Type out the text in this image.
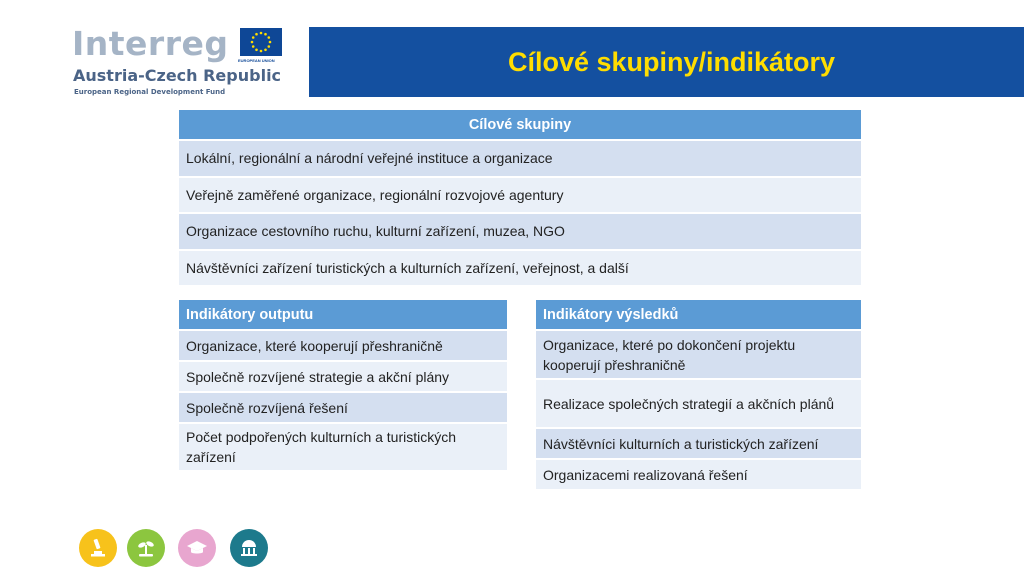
Interreg EUROPEAN UNION
Austria-Czech Republic
European Regional Development Fund
Cílové skupiny/indikátory
Cílové skupiny
Lokální, regionální a národní veřejné instituce a organizace
Veřejně zaměřené organizace, regionální rozvojové agentury
Organizace cestovního ruchu, kulturní zařízení, muzea, NGO
Návštěvníci zařízení turistických a kulturních zařízení, veřejnost, a další
Indikátory outputu
Organizace, které kooperují přeshraničně
Společně rozvíjené strategie a akční plány
Společně rozvíjená řešení
Počet podpořených kulturních a turistických zařízení
Indikátory výsledků
Organizace, které po dokončení projektu kooperují přeshraničně
Realizace společných strategií a akčních plánů
Návštěvníci kulturních a turistických zařízení
Organizacemi realizovaná řešení
